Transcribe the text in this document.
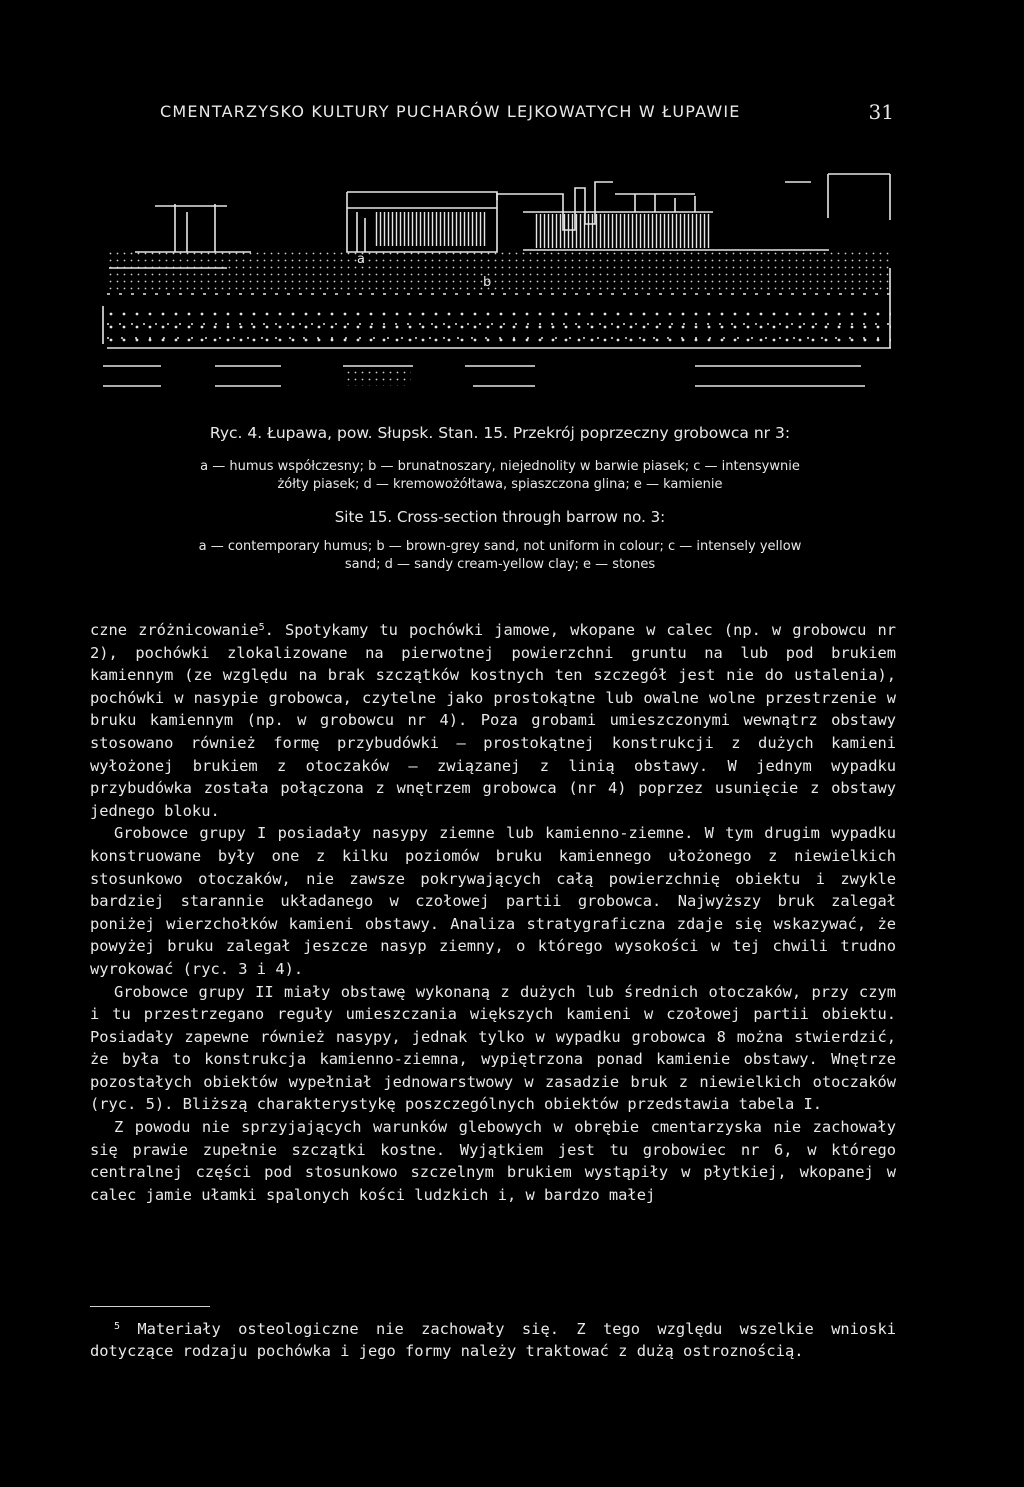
CMENTARZYSKO KULTURY PUCHARÓW LEJKOWATYCH W ŁUPAWIE	31
a
b
Ryc. 4. Łupawa, pow. Słupsk. Stan. 15. Przekrój poprzeczny grobowca nr 3:
a — humus współczesny; b — brunatnoszary, niejednolity w barwie piasek; c — intensywnie
żółty piasek; d — kremowożółtawa, spiaszczona glina; e — kamienie
Site 15. Cross-section through barrow no. 3:
a — contemporary humus; b — brown-grey sand, not uniform in colour; c — intensely yellow
sand; d — sandy cream-yellow clay; e — stones

czne zróżnicowanie$^5$. Spotykamy tu pochówki jamowe, wkopane w calec (np. w grobowcu nr 2), pochówki zlokalizowane na pierwotnej powierzchni gruntu na lub pod brukiem kamiennym (ze względu na brak szczątków kostnych ten szczegół jest nie do ustalenia), pochówki w nasypie grobowca, czytelne jako prostokątne lub owalne wolne przestrzenie w bruku kamiennym (np. w grobowcu nr 4). Poza grobami umieszczonymi wewnątrz obstawy stosowano również formę przybudówki — prostokątnej konstrukcji z dużych kamieni wyłożonej brukiem z otoczaków — związanej z linią obstawy. W jednym wypadku przybudówka została połączona z wnętrzem grobowca (nr 4) poprzez usunięcie z obstawy jednego bloku.

Grobowce grupy I posiadały nasypy ziemne lub kamienno-ziemne. W tym drugim wypadku konstruowane były one z kilku poziomów bruku kamiennego ułożonego z niewielkich stosunkowo otoczaków, nie zawsze pokrywających całą powierzchnię obiektu i zwykle bardziej starannie układanego w czołowej partii grobowca. Najwyższy bruk zalegał poniżej wierzchołków kamieni obstawy. Analiza stratygraficzna zdaje się wskazywać, że powyżej bruku zalegał jeszcze nasyp ziemny, o którego wysokości w tej chwili trudno wyrokować (ryc. 3 i 4).

Grobowce grupy II miały obstawę wykonaną z dużych lub średnich otoczaków, przy czym i tu przestrzegano reguły umieszczania większych kamieni w czołowej partii obiektu. Posiadały zapewne również nasypy, jednak tylko w wypadku grobowca 8 można stwierdzić, że była to konstrukcja kamienno-ziemna, wypiętrzona ponad kamienie obstawy. Wnętrze pozostałych obiektów wypełniał jednowarstwowy w zasadzie bruk z niewielkich otoczaków (ryc. 5). Bliższą charakterystykę poszczególnych obiektów przedstawia tabela I.

Z powodu nie sprzyjających warunków glebowych w obrębie cmentarzyska nie zachowały się prawie zupełnie szczątki kostne. Wyjątkiem jest tu grobowiec nr 6, w którego centralnej części pod stosunkowo szczelnym brukiem wystąpiły w płytkiej, wkopanej w calec jamie ułamki spalonych kości ludzkich i, w bardzo małej

$^5$ Materiały osteologiczne nie zachowały się. Z tego względu wszelkie wnioski dotyczące rodzaju pochówka i jego formy należy traktować z dużą ostroznością.
